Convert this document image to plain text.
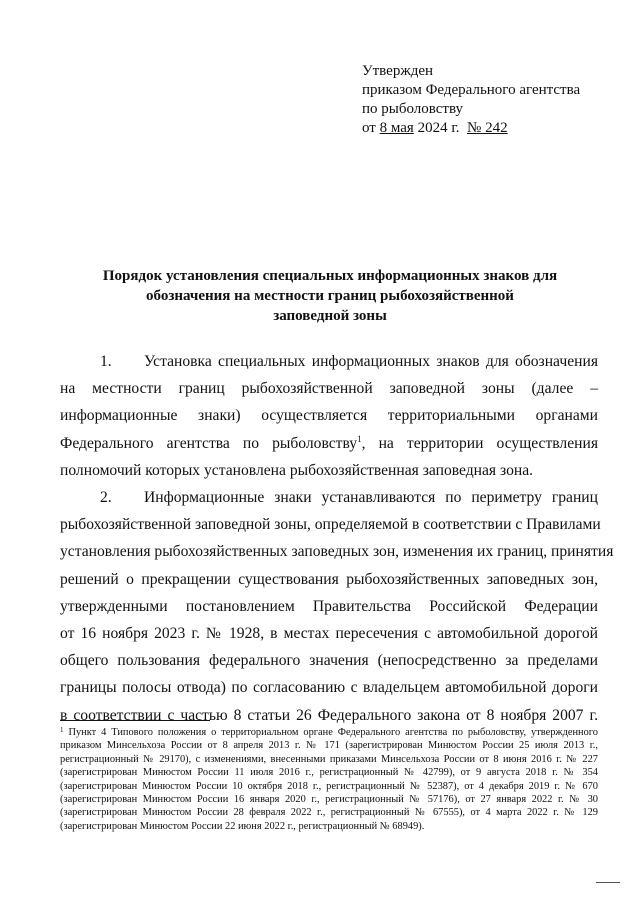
Утвержден
приказом Федерального агентства
по рыболовству
от 8 мая 2024 г. № 242
Порядок установления специальных информационных знаков для
обозначения на местности границ рыбохозяйственной
заповедной зоны
1. Установка специальных информационных знаков для обозначения
на местности границ рыбохозяйственной заповедной зоны (далее –
информационные знаки) осуществляется территориальными органами
Федерального агентства по рыболовству$^1$, на территории осуществления
полномочий которых установлена рыбохозяйственная заповедная зона.
2. Информационные знаки устанавливаются по периметру границ
рыбохозяйственной заповедной зоны, определяемой в соответствии с Правилами
установления рыбохозяйственных заповедных зон, изменения их границ, принятия
решений о прекращении существования рыбохозяйственных заповедных зон,
утвержденными постановлением Правительства Российской Федерации
от 16 ноября 2023 г. № 1928, в местах пересечения с автомобильной дорогой
общего пользования федерального значения (непосредственно за пределами
границы полосы отвода) по согласованию с владельцем автомобильной дороги
в соответствии с частью 8 статьи 26 Федерального закона от 8 ноября 2007 г.
$^1$ Пункт 4 Типового положения о территориальном органе Федерального агентства по рыболовству, утвержденного
приказом Минсельхоза России от 8 апреля 2013 г. № 171 (зарегистрирован Минюстом России 25 июля 2013 г.,
регистрационный № 29170), с изменениями, внесенными приказами Минсельхоза России от 8 июня 2016 г. № 227
(зарегистрирован Минюстом России 11 июля 2016 г., регистрационный № 42799), от 9 августа 2018 г. № 354
(зарегистрирован Минюстом России 10 октября 2018 г., регистрационный № 52387), от 4 декабря 2019 г. № 670
(зарегистрирован Минюстом России 16 января 2020 г., регистрационный № 57176), от 27 января 2022 г. № 30
(зарегистрирован Минюстом России 28 февраля 2022 г., регистрационный № 67555), от 4 марта 2022 г. № 129
(зарегистрирован Минюстом России 22 июня 2022 г., регистрационный № 68949).
